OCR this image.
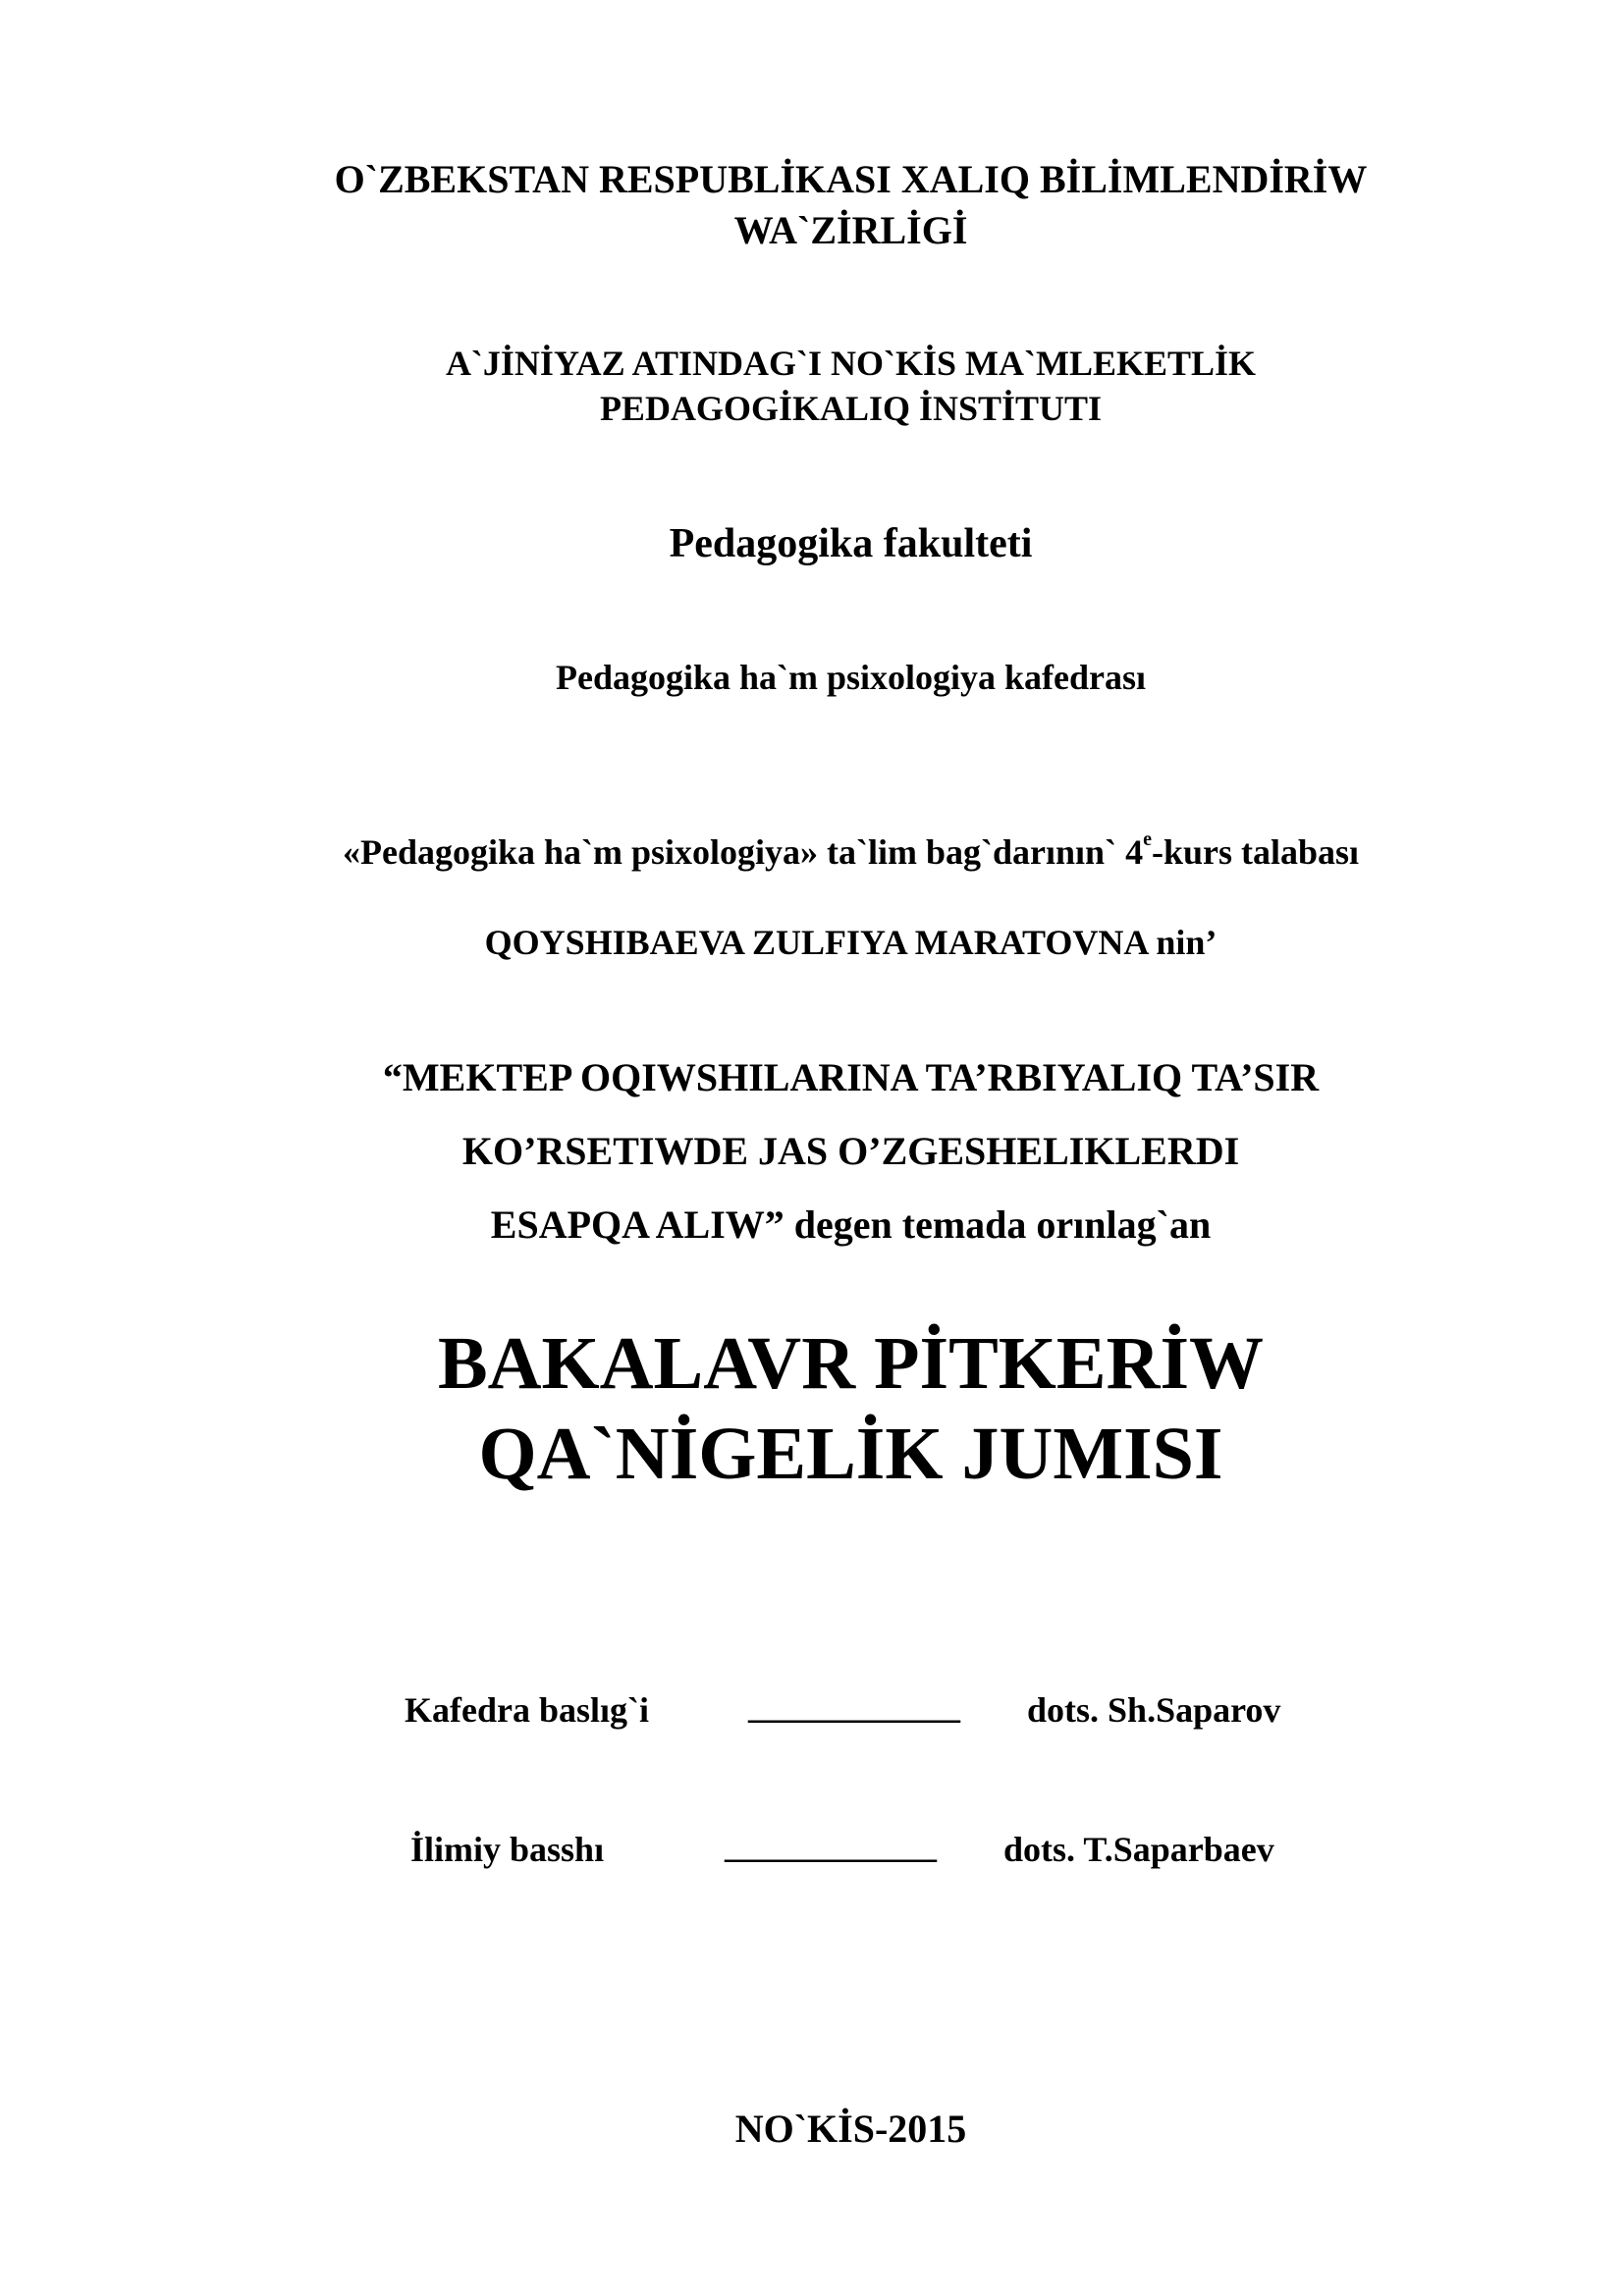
O`ZBEKSTAN RESPUBLİKASI XALIQ BİLİMLENDİRİW
WA`ZİRLİGİ
A`JİNİYAZ ATINDAG`I NO`KİS MA`MLEKETLİK
PEDAGOGİKALIQ İNSTİTUTI
Pedagogika fakulteti
Pedagogika ha`m psixologiya kafedrası
«Pedagogika ha`m psixologiya» ta`lim bag`darının` 4e-kurs talabası
QOYSHIBAEVA ZULFIYA MARATOVNA nin’
“MEKTEP OQIWSHILARINA TA’RBIYALIQ TA’SIR
KO’RSETIWDE JAS O’ZGESHELIKLERDI
ESAPQA ALIW” degen temada orınlag`an
BAKALAVR PİTKERİW
QA`NİGELİK JUMISI
Kafedra baslıg`i	____________ dots. Sh.Saparov
İlimiy basshı	____________ dots. T.Saparbaev
NO`KİS-2015
